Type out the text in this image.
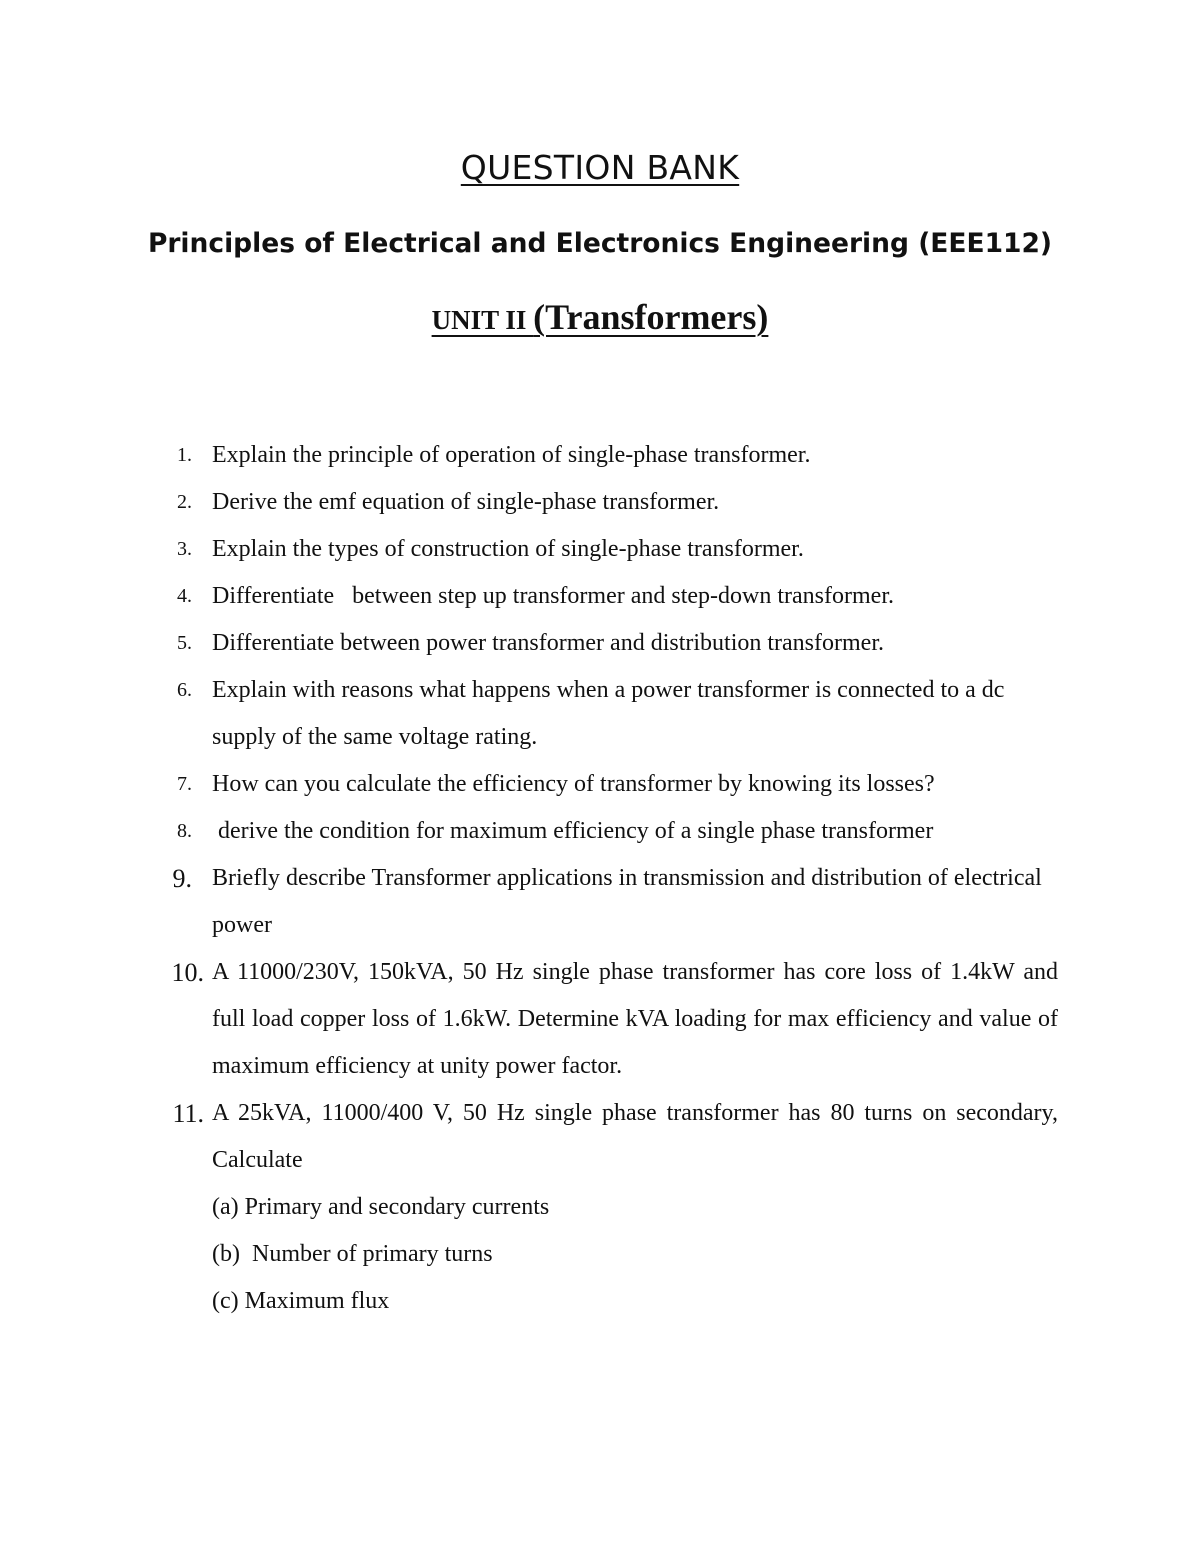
QUESTION BANK
Principles of Electrical and Electronics Engineering (EEE112)
UNIT II (Transformers)
1. Explain the principle of operation of single-phase transformer.
2. Derive the emf equation of single-phase transformer.
3. Explain the types of construction of single-phase transformer.
4. Differentiate   between step up transformer and step-down transformer.
5. Differentiate between power transformer and distribution transformer.
6. Explain with reasons what happens when a power transformer is connected to a dc supply of the same voltage rating.
7. How can you calculate the efficiency of transformer by knowing its losses?
8. derive the condition for maximum efficiency of a single phase transformer
9. Briefly describe Transformer applications in transmission and distribution of electrical power
10. A 11000/230V, 150kVA, 50 Hz single phase transformer has core loss of 1.4kW and full load copper loss of 1.6kW. Determine kVA loading for max efficiency and value of maximum efficiency at unity power factor.
11. A 25kVA, 11000/400 V, 50 Hz single phase transformer has 80 turns on secondary, Calculate
(a) Primary and secondary currents
(b)  Number of primary turns
(c) Maximum flux
